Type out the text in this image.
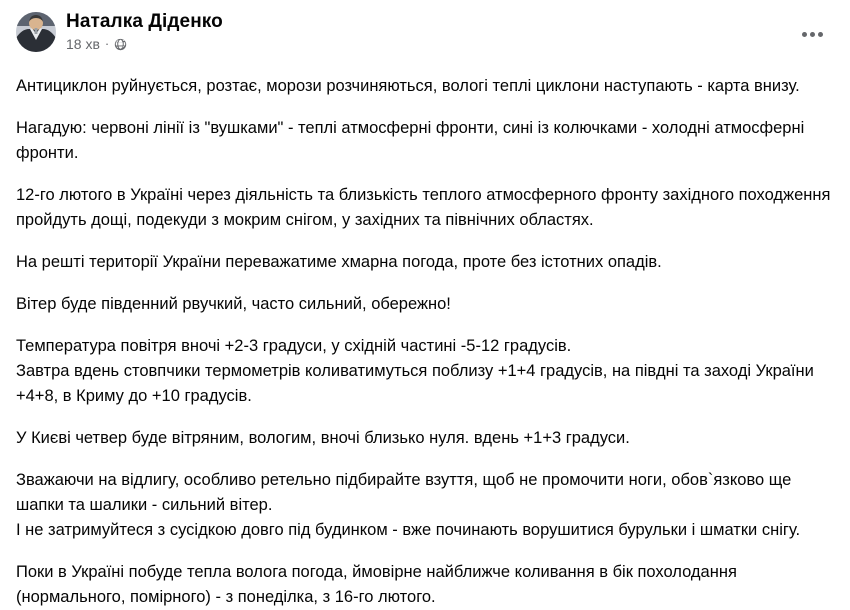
Наталка Діденко
18 хв ·

Антициклон руйнується, розтає, морози розчиняються, вологі теплі циклони наступають - карта внизу.

Нагадую: червоні лінії із "вушками" - теплі атмосферні фронти, сині із колючками - холодні атмосферні фронти.

12-го лютого в Україні через діяльність та близькість теплого атмосферного фронту західного походження пройдуть дощі, подекуди з мокрим снігом, у західних та північних областях.

На решті території України переважатиме хмарна погода, проте без істотних опадів.

Вітер буде південний рвучкий, часто сильний, обережно!

Температура повітря вночі +2-3 градуси, у східній частині -5-12 градусів.

Завтра вдень стовпчики термометрів коливатимуться поблизу +1+4 градусів, на півдні та заході України +4+8, в Криму до +10 градусів.

У Києві четвер буде вітряним, вологим, вночі близько нуля. вдень +1+3 градуси.

Зважаючи на відлигу, особливо ретельно підбирайте взуття, щоб не промочити ноги, обов`язково ще шапки та шалики - сильний вітер.

І не затримуйтеся з сусідкою довго під будинком - вже починають ворушитися бурульки і шматки снігу.

Поки в Україні побуде тепла волога погода, ймовірне найближче коливання в бік похолодання (нормального, помірного) - з понеділка, з 16-го лютого.
